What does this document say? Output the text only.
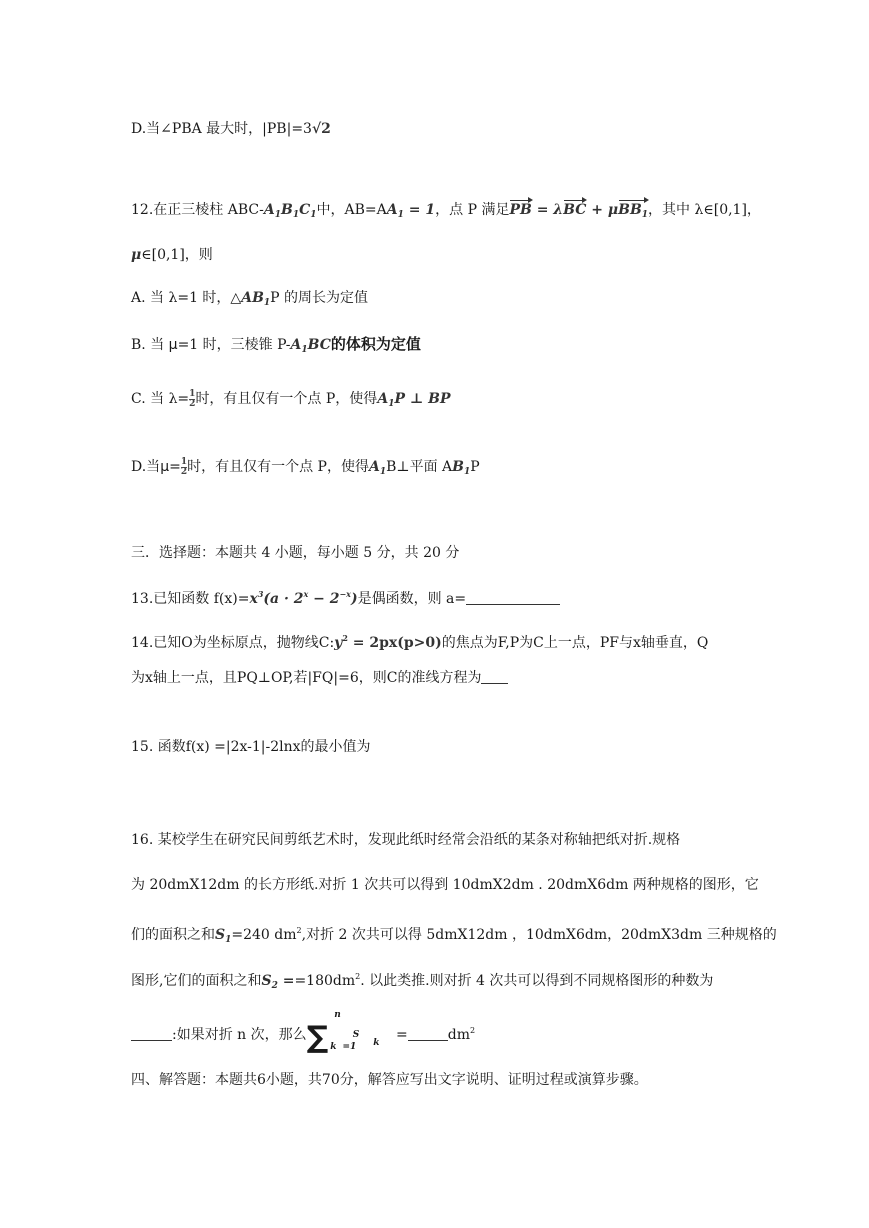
D.当∠PBA 最大时，|PB|=3√2
12.在正三棱柱 ABC-$A_1B_1C_1$中，$AB=AA_1 = 1$，点 P 满足PB = λBC + μBB$_1$，其中 λ∈[0,1]，
μ∈[0,1]，则
A. 当 λ=1 时，$\triangle AB_1P$ 的周长为定值
B. 当 μ=1 时，三棱锥 $P-A_1BC$的体积为定值
C. 当 $\lambda= \frac{1}{2}$ 时，有且仅有一个点 P，使得$A_1P$ ⊥ BP
D.当$\mu= \frac{1}{2}$ 时，有且仅有一个点 P，使得$A_1B\perp$平面 $AB_1P$
三．选择题：本题共 4 小题，每小题 5 分，共 20 分
13.已知函数 $f(x)=x^3(a \cdot 2^x - 2^{-x})$是偶函数，则 a=
14.已知O为坐标原点，抛物线$C:y^2 = 2px(p>0)$的焦点为F,P为C上一点，PF与x轴垂直，Q
为x轴上一点，且PQ⊥OP,若|FQ|=6，则C的准线方程为
15. 函数f(x) =|2x-1|-2lnx的最小值为
16. 某校学生在研究民间剪纸艺术时，发现此纸时经常会沿纸的某条对称轴把纸对折.规格
为 20dmX12dm 的长方形纸.对折 1 次共可以得到 10dmX2dm . 20dmX6dm 两种规格的图形，它
们的面积之和$S_1=240$ $dm^2$,对折 2 次共可以得 5dmX12dm ，10dmX6dm，20dmX3dm 三种规格的
图形,它们的面积之和$S_2 ==180dm^2$. 以此类推.则对折 4 次共可以得到不同规格图形的种数为
:如果对折 n 次，那么∑ $_k$ $_{=1}^nS_k$ =	$dm^2$
四、解答题：本题共6小题，共70分，解答应写出文字说明、证明过程或演算步骤。
